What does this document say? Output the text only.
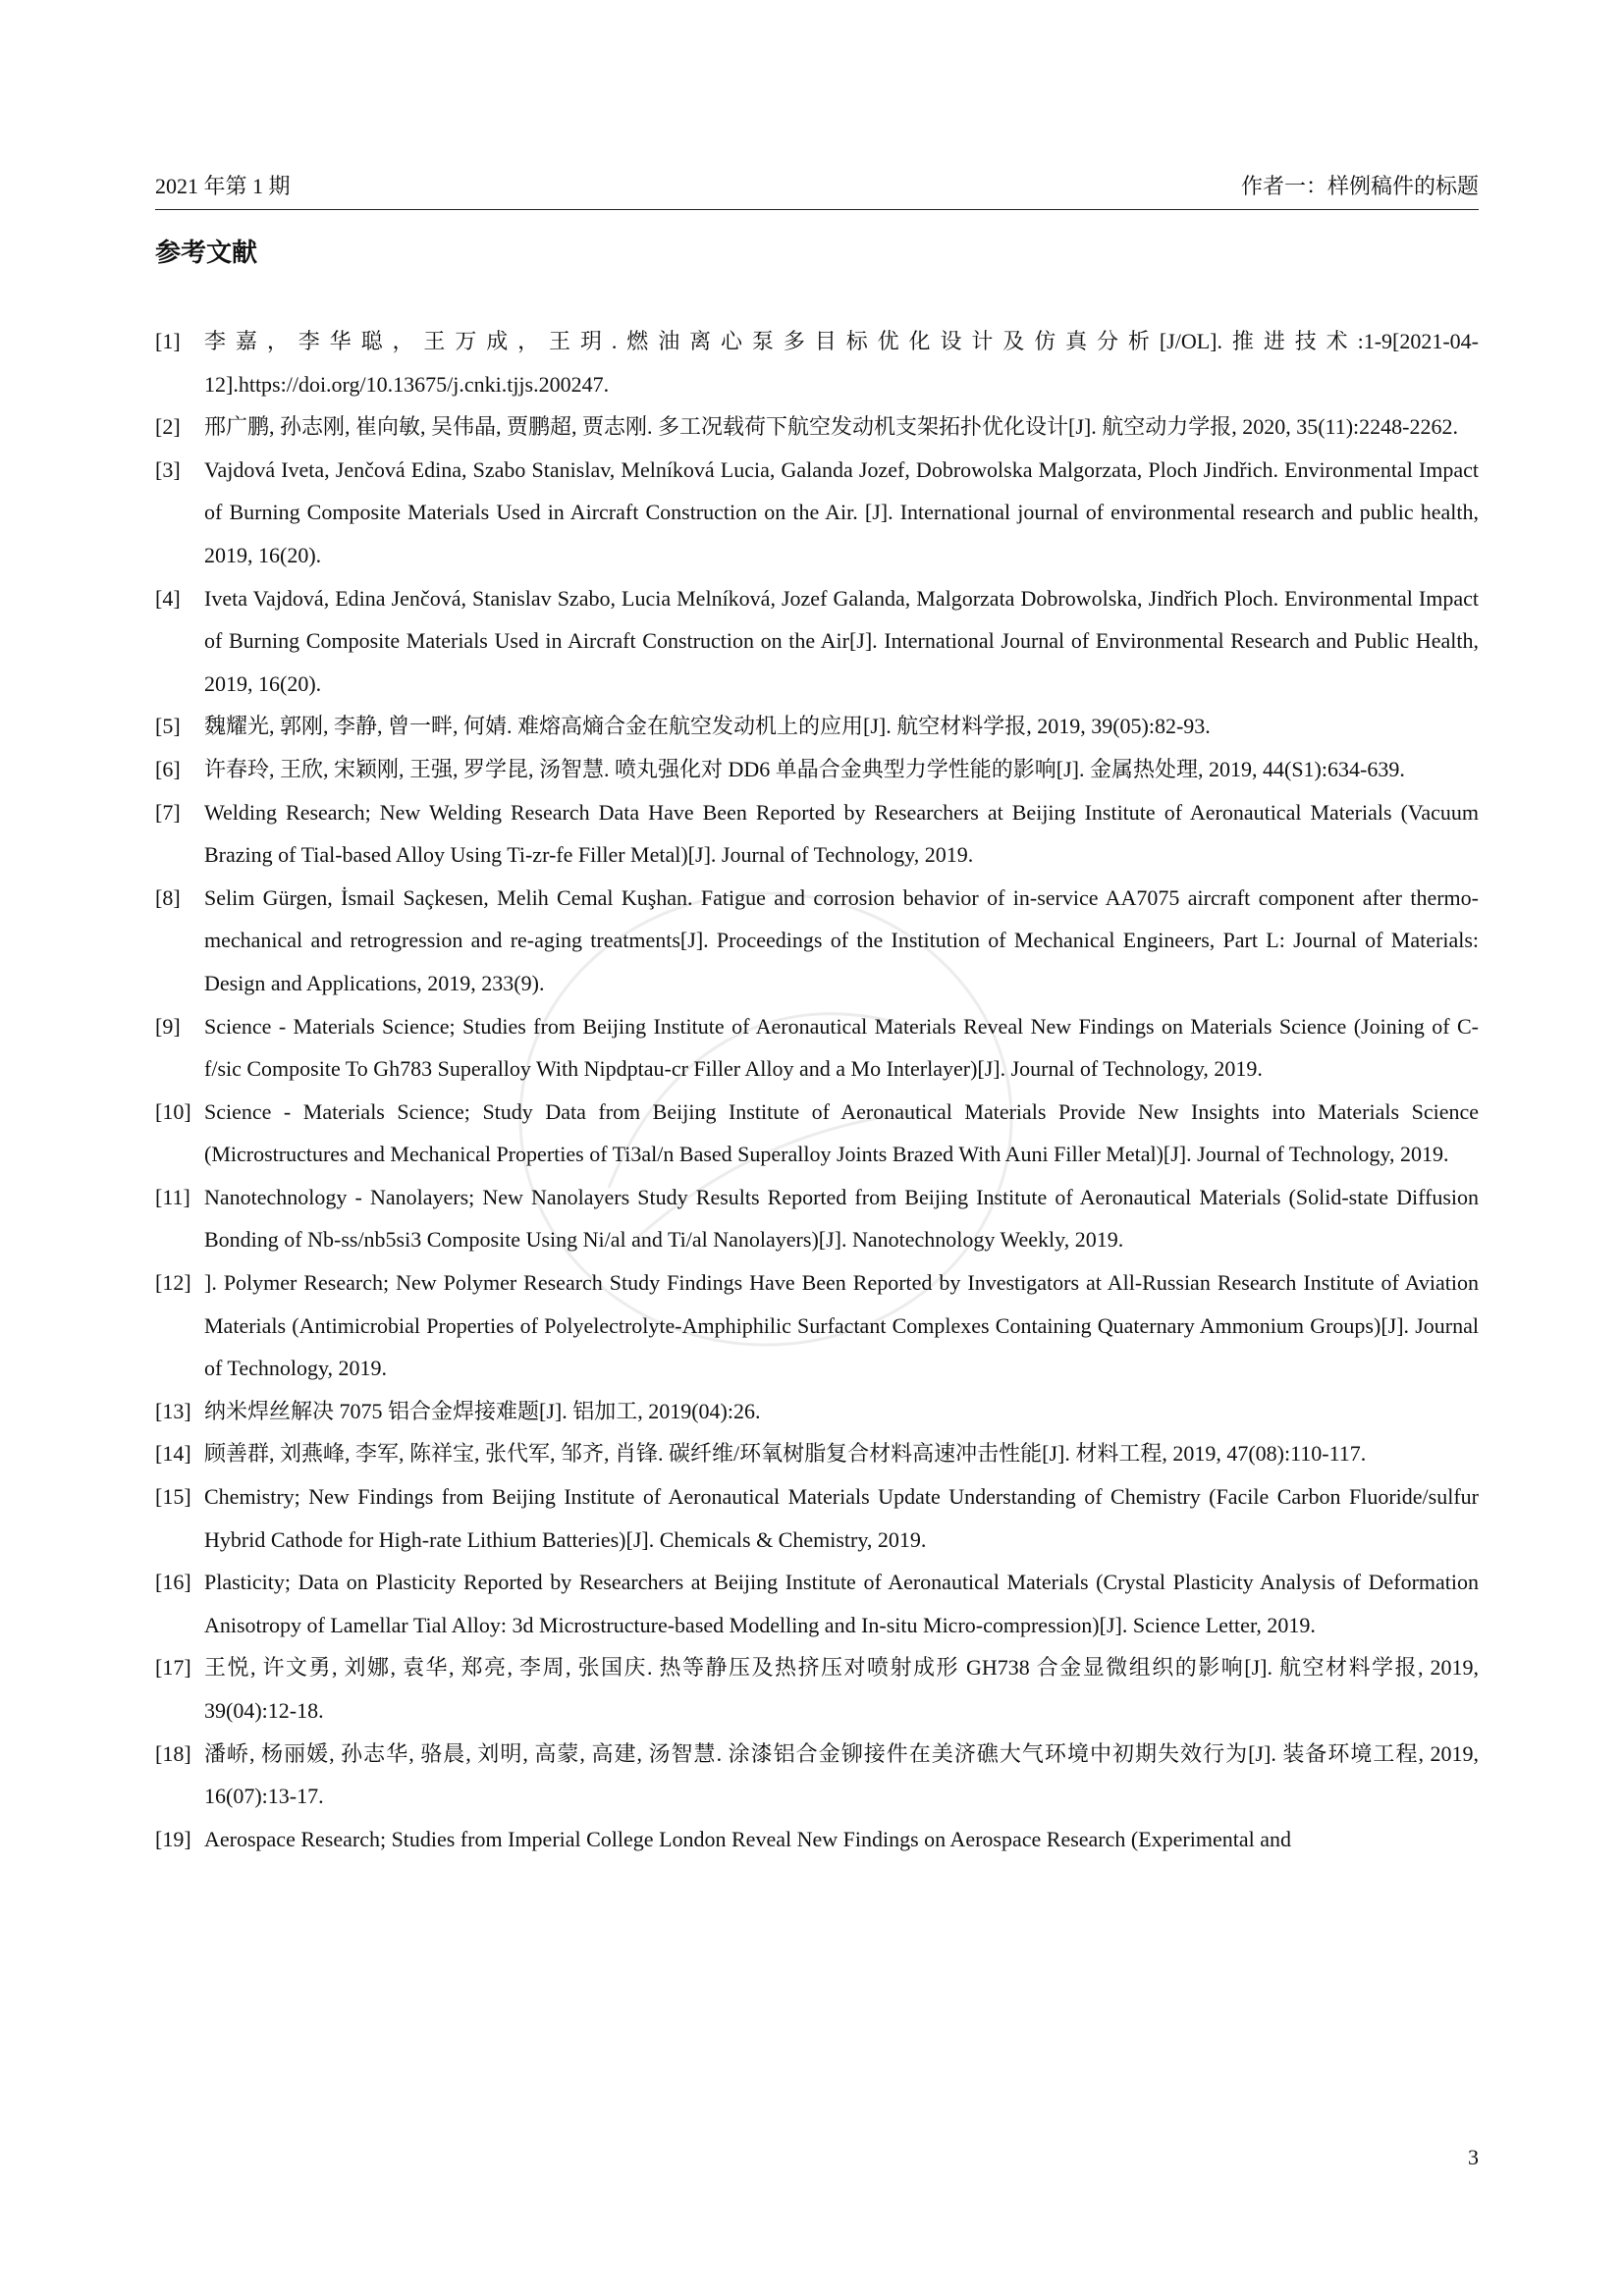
2021 年第 1 期	作者一：样例稿件的标题
参考文献
[1] 李嘉，李华聪，王万成，王玥.燃油离心泵多目标优化设计及仿真分析[J/OL].推进技术:1-9[2021-04-12].https://doi.org/10.13675/j.cnki.tjjs.200247.
[2] 邢广鹏, 孙志刚, 崔向敏, 吴伟晶, 贾鹏超, 贾志刚. 多工况载荷下航空发动机支架拓扑优化设计[J]. 航空动力学报, 2020, 35(11):2248-2262.
[3] Vajdová Iveta, Jenčová Edina, Szabo Stanislav, Melníková Lucia, Galanda Jozef, Dobrowolska Malgorzata, Ploch Jindřich. Environmental Impact of Burning Composite Materials Used in Aircraft Construction on the Air. [J]. International journal of environmental research and public health, 2019, 16(20).
[4] Iveta Vajdová, Edina Jenčová, Stanislav Szabo, Lucia Melníková, Jozef Galanda, Malgorzata Dobrowolska, Jindřich Ploch. Environmental Impact of Burning Composite Materials Used in Aircraft Construction on the Air[J]. International Journal of Environmental Research and Public Health, 2019, 16(20).
[5] 魏耀光, 郭刚, 李静, 曾一畔, 何婧. 难熔高熵合金在航空发动机上的应用[J]. 航空材料学报, 2019, 39(05):82-93.
[6] 许春玲, 王欣, 宋颖刚, 王强, 罗学昆, 汤智慧. 喷丸强化对 DD6 单晶合金典型力学性能的影响[J]. 金属热处理, 2019, 44(S1):634-639.
[7] Welding Research; New Welding Research Data Have Been Reported by Researchers at Beijing Institute of Aeronautical Materials (Vacuum Brazing of Tial-based Alloy Using Ti-zr-fe Filler Metal)[J]. Journal of Technology, 2019.
[8] Selim Gürgen, İsmail Saçkesen, Melih Cemal Kuşhan. Fatigue and corrosion behavior of in-service AA7075 aircraft component after thermo-mechanical and retrogression and re-aging treatments[J]. Proceedings of the Institution of Mechanical Engineers, Part L: Journal of Materials: Design and Applications, 2019, 233(9).
[9] Science - Materials Science; Studies from Beijing Institute of Aeronautical Materials Reveal New Findings on Materials Science (Joining of C-f/sic Composite To Gh783 Superalloy With Nipdptau-cr Filler Alloy and a Mo Interlayer)[J]. Journal of Technology, 2019.
[10] Science - Materials Science; Study Data from Beijing Institute of Aeronautical Materials Provide New Insights into Materials Science (Microstructures and Mechanical Properties of Ti3al/n Based Superalloy Joints Brazed With Auni Filler Metal)[J]. Journal of Technology, 2019.
[11] Nanotechnology - Nanolayers; New Nanolayers Study Results Reported from Beijing Institute of Aeronautical Materials (Solid-state Diffusion Bonding of Nb-ss/nb5si3 Composite Using Ni/al and Ti/al Nanolayers)[J]. Nanotechnology Weekly, 2019.
[12] ]. Polymer Research; New Polymer Research Study Findings Have Been Reported by Investigators at All-Russian Research Institute of Aviation Materials (Antimicrobial Properties of Polyelectrolyte-Amphiphilic Surfactant Complexes Containing Quaternary Ammonium Groups)[J]. Journal of Technology, 2019.
[13] 纳米焊丝解决 7075 铝合金焊接难题[J]. 铝加工, 2019(04):26.
[14] 顾善群, 刘燕峰, 李军, 陈祥宝, 张代军, 邹齐, 肖锋. 碳纤维/环氧树脂复合材料高速冲击性能[J]. 材料工程, 2019, 47(08):110-117.
[15] Chemistry; New Findings from Beijing Institute of Aeronautical Materials Update Understanding of Chemistry (Facile Carbon Fluoride/sulfur Hybrid Cathode for High-rate Lithium Batteries)[J]. Chemicals & Chemistry, 2019.
[16] Plasticity; Data on Plasticity Reported by Researchers at Beijing Institute of Aeronautical Materials (Crystal Plasticity Analysis of Deformation Anisotropy of Lamellar Tial Alloy: 3d Microstructure-based Modelling and In-situ Micro-compression)[J]. Science Letter, 2019.
[17] 王悦, 许文勇, 刘娜, 袁华, 郑亮, 李周, 张国庆. 热等静压及热挤压对喷射成形 GH738 合金显微组织的影响[J]. 航空材料学报, 2019, 39(04):12-18.
[18] 潘峤, 杨丽媛, 孙志华, 骆晨, 刘明, 高蒙, 高建, 汤智慧. 涂漆铝合金铆接件在美济礁大气环境中初期失效行为[J]. 装备环境工程, 2019, 16(07):13-17.
[19] Aerospace Research; Studies from Imperial College London Reveal New Findings on Aerospace Research (Experimental and
3
